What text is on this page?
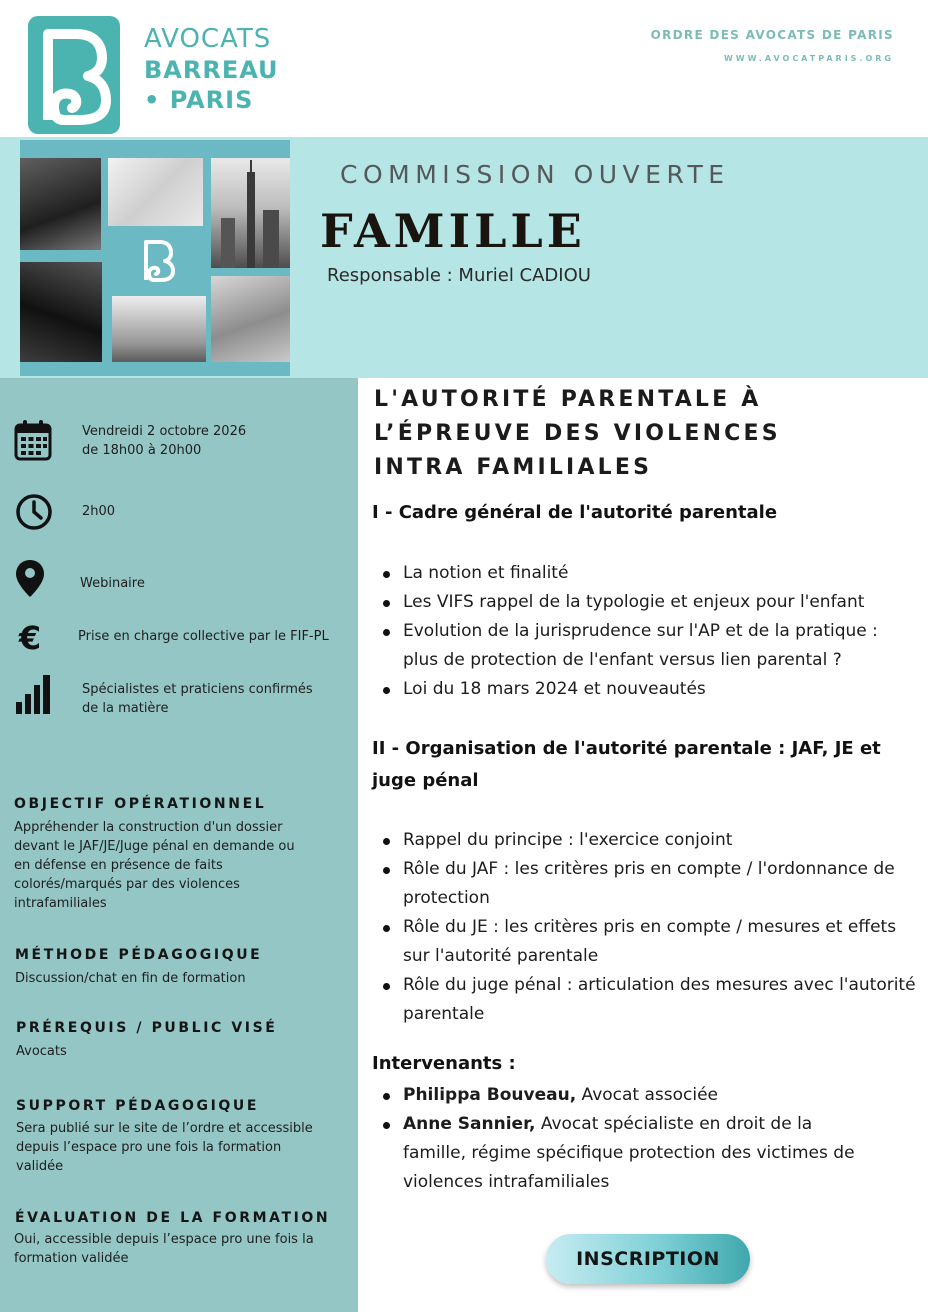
AVOCATS
BARREAU
• PARIS
ORDRE DES AVOCATS DE PARIS
WWW.AVOCATPARIS.ORG
COMMISSION OUVERTE
FAMILLE
Responsable : Muriel CADIOU
Vendreidi 2 octobre 2026
de 18h00 à 20h00
2h00
Webinaire
€	Prise en charge collective par le FIF-PL
Spécialistes et praticiens confirmés
de la matière
OBJECTIF OPÉRATIONNEL
Appréhender la construction d'un dossier
devant le JAF/JE/Juge pénal en demande ou
en défense en présence de faits
colorés/marqués par des violences
intrafamiliales
MÉTHODE PÉDAGOGIQUE
Discussion/chat en fin de formation
PRÉREQUIS / PUBLIC VISÉ
Avocats
SUPPORT PÉDAGOGIQUE
Sera publié sur le site de l’ordre et accessible
depuis l’espace pro une fois la formation
validée
ÉVALUATION DE LA FORMATION
Oui, accessible depuis l’espace pro une fois la
formation validée
L'AUTORITÉ PARENTALE À
L’ÉPREUVE DES VIOLENCES
INTRA FAMILIALES
I - Cadre général de l'autorité parentale
La notion et finalité
Les VIFS rappel de la typologie et enjeux pour l'enfant
Evolution de la jurisprudence sur l'AP et de la pratique : plus de protection de l'enfant versus lien parental ?
Loi du 18 mars 2024 et nouveautés
II - Organisation de l'autorité parentale : JAF, JE et juge pénal
Rappel du principe : l'exercice conjoint
Rôle du JAF : les critères pris en compte / l'ordonnance de protection
Rôle du JE : les critères pris en compte / mesures et effets sur l'autorité parentale
Rôle du juge pénal : articulation des mesures avec l'autorité parentale
Intervenants :
Philippa Bouveau, Avocat associée
Anne Sannier, Avocat spécialiste en droit de la famille, régime spécifique protection des victimes de violences intrafamiliales
INSCRIPTION
